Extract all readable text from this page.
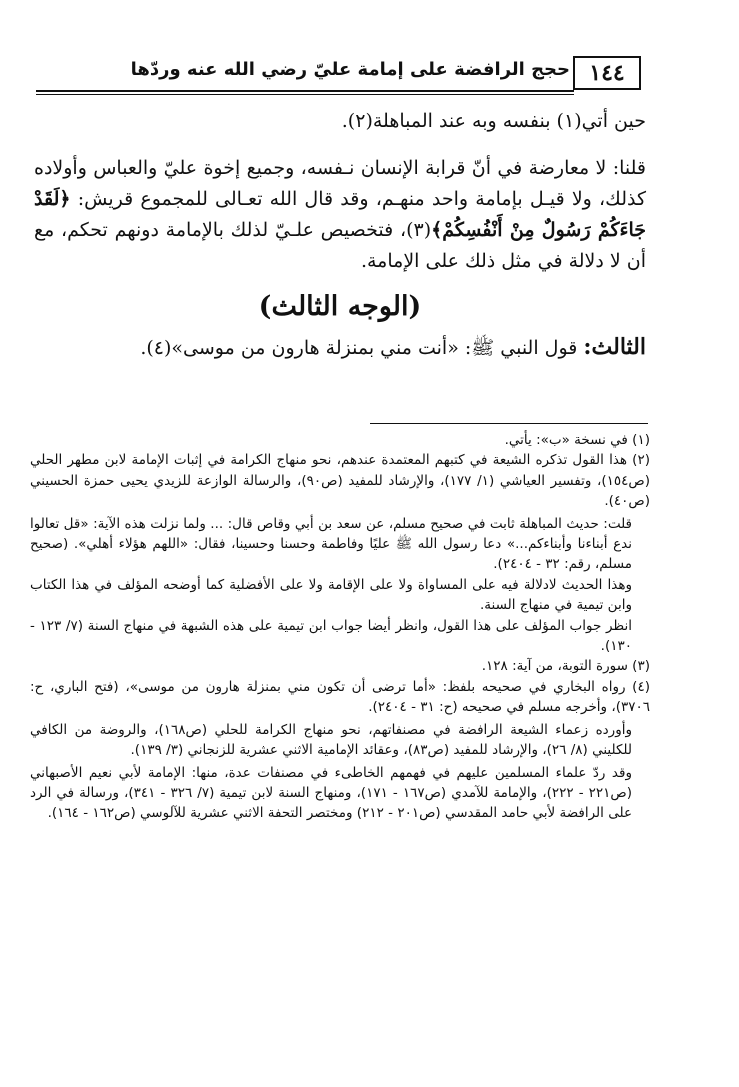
١٤٤
حجج الرافضة على إمامة عليّ رضي الله عنه وردّها

حين أتي(١) بنفسه وبه عند المباهلة(٢).

قلنا: لا معارضة في أنّ قرابة الإنسان نـفسه، وجميع إخوة عليّ والعباس وأولاده كذلك، ولا قيـل بإمامة واحد منهـم، وقد قال الله تعـالى للمجموع قريش: ﴿لَقَدْ جَاءَكُمْ رَسُولٌ مِنْ أَنْفُسِكُمْ﴾(٣)، فتخصيص علـيّ لذلك بالإمامة دونهم تحكم، مع أن لا دلالة في مثل ذلك على الإمامة.

(الوجه الثالث)

الثالث: قول النبي ﷺ: «أنت مني بمنزلة هارون من موسى»(٤).

(١) في نسخة «ب»: يأتي.

(٢) هذا القول تذكره الشيعة في كتبهم المعتمدة عندهم، نحو منهاج الكرامة في إثبات الإمامة لابن مطهر الحلي (ص١٥٤)، وتفسير العياشي (١/ ١٧٧)، والإرشاد للمفيد (ص٩٠)، والرسالة الوازعة للزيدي يحيى حمزة الحسيني (ص٤٠).

قلت: حديث المباهلة ثابت في صحيح مسلم، عن سعد بن أبي وقاص قال: ... ولما نزلت هذه الآية: «قل تعالوا ندع أبناءنا وأبناءكم...» دعا رسول الله ﷺ عليًا وفاطمة وحسنا وحسينا، فقال: «اللهم هؤلاء أهلي». (صحيح مسلم، رقم: ٣٢ - ٢٤٠٤).

وهذا الحديث لادلالة فيه على المساواة ولا على الإقامة ولا على الأفضلية كما أوضحه المؤلف في هذا الكتاب وابن تيمية في منهاج السنة.

انظر جواب المؤلف على هذا القول، وانظر أيضا جواب ابن تيمية على هذه الشبهة في منهاج السنة (٧/ ١٢٣ - ١٣٠).

(٣) سورة التوبة، من آية: ١٢٨.

(٤) رواه البخاري في صحيحه بلفظ: «أما ترضى أن تكون مني بمنزلة هارون من موسى»، (فتح الباري، ح: ٣٧٠٦)، وأخرجه مسلم في صحيحه (ح: ٣١ - ٢٤٠٤).

وأورده زعماء الشيعة الرافضة في مصنفاتهم، نحو منهاج الكرامة للحلي (ص١٦٨)، والروضة من الكافي للكليني (٨/ ٢٦)، والإرشاد للمفيد (ص٨٣)، وعقائد الإمامية الاثني عشرية للزنجاني (٣/ ١٣٩).

وقد ردّ علماء المسلمين عليهم في فهمهم الخاطىء في مصنفات عدة، منها: الإمامة لأبي نعيم الأصبهاني (ص٢٢١ - ٢٢٢)، والإمامة للآمدي (ص١٦٧ - ١٧١)، ومنهاج السنة لابن تيمية (٧/ ٣٢٦ - ٣٤١)، ورسالة في الرد على الرافضة لأبي حامد المقدسي (ص٢٠١ - ٢١٢) ومختصر التحفة الاثني عشرية للآلوسي (ص١٦٢ - ١٦٤).
